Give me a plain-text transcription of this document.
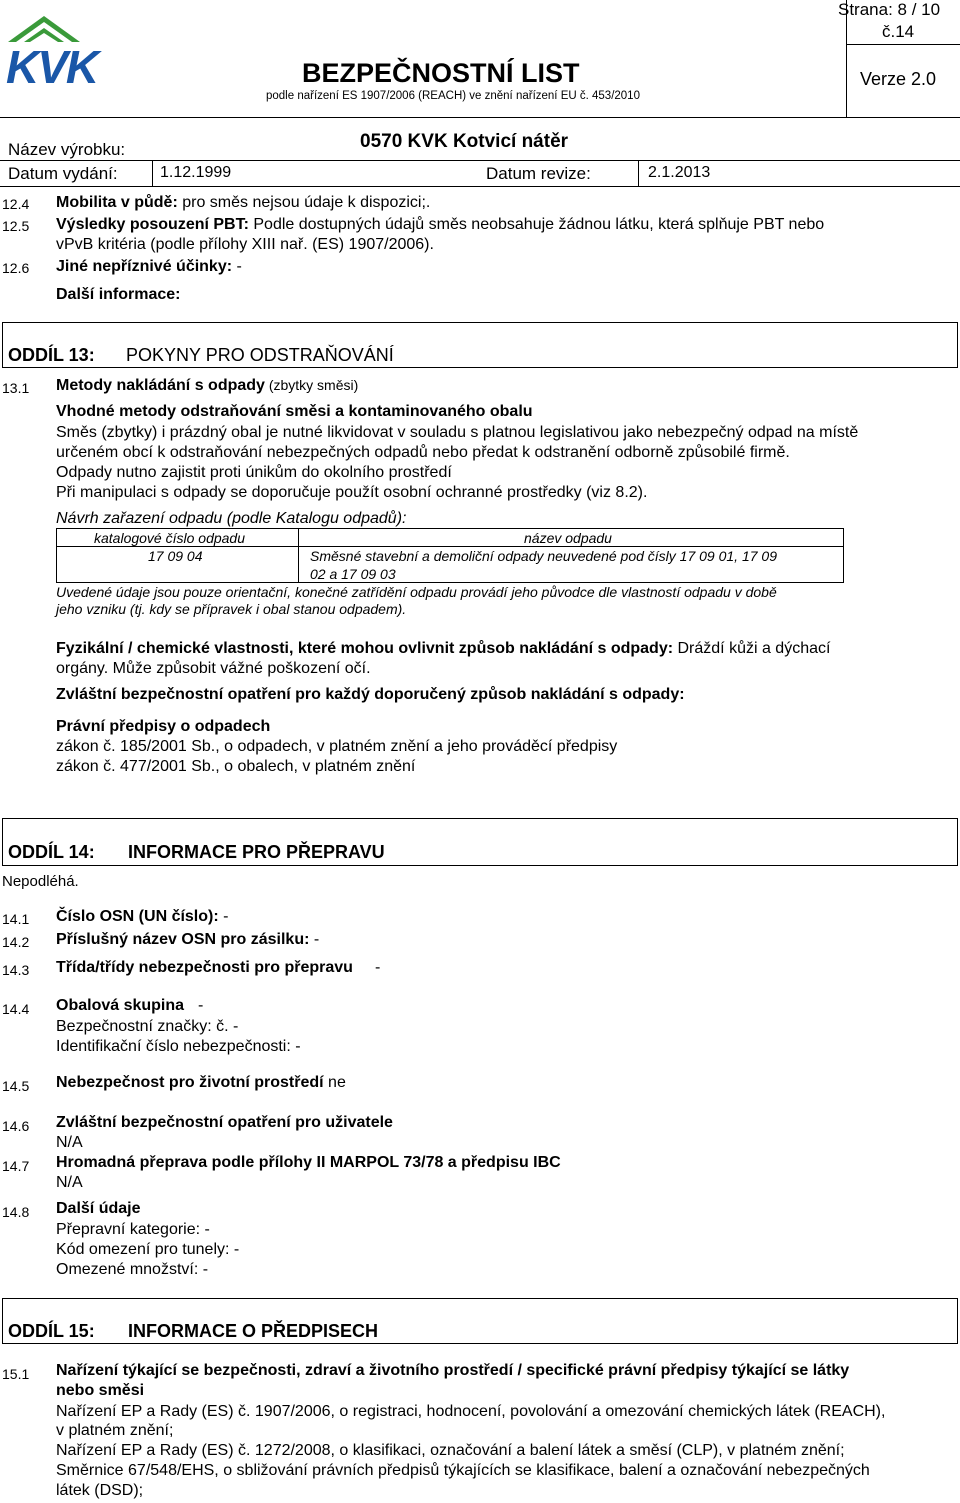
KVK
Strana: 8 / 10
č.14
BEZPEČNOSTNÍ LIST
podle nařízení ES 1907/2006 (REACH) ve znění nařízení EU č. 453/2010
Verze 2.0
Název výrobku:	0570 KVK Kotvicí nátěr
Datum vydání:	1.12.1999	Datum revize:	2.1.2013
12.4 Mobilita v půdě: pro směs nejsou údaje k dispozici;.
12.5 Výsledky posouzení PBT: Podle dostupných údajů směs neobsahuje žádnou látku, která splňuje PBT nebo
vPvB kritéria (podle přílohy XIII nař. (ES) 1907/2006).
12.6 Jiné nepříznivé účinky: -
Další informace:
ODDÍL 13: POKYNY PRO ODSTRAŇOVÁNÍ
13.1 Metody nakládání s odpady (zbytky směsi)
Vhodné metody odstraňování směsi a kontaminovaného obalu
Směs (zbytky) i prázdný obal je nutné likvidovat v souladu s platnou legislativou jako nebezpečný odpad na místě
určeném obcí k odstraňování nebezpečných odpadů nebo předat k odstranění odborně způsobilé firmě.
Odpady nutno zajistit proti únikům do okolního prostředí
Při manipulaci s odpady se doporučuje použít osobní ochranné prostředky (viz 8.2).
Návrh zařazení odpadu (podle Katalogu odpadů):
katalogové číslo odpadu	název odpadu
17 09 04	Směsné stavební a demoliční odpady neuvedené pod čísly 17 09 01, 17 09
02 a 17 09 03
Uvedené údaje jsou pouze orientační, konečné zatřídění odpadu provádí jeho původce dle vlastností odpadu v době
jeho vzniku (tj. kdy se přípravek i obal stanou odpadem).
Fyzikální / chemické vlastnosti, které mohou ovlivnit způsob nakládání s odpady: Dráždí kůži a dýchací
orgány. Může způsobit vážné poškození očí.
Zvláštní bezpečnostní opatření pro každý doporučený způsob nakládání s odpady:
Právní předpisy o odpadech
zákon č. 185/2001 Sb., o odpadech, v platném znění a jeho prováděcí předpisy
zákon č. 477/2001 Sb., o obalech, v platném znění
ODDÍL 14: INFORMACE PRO PŘEPRAVU
Nepodléhá.
14.1 Číslo OSN (UN číslo): -
14.2 Příslušný název OSN pro zásilku: -
14.3 Třída/třídy nebezpečnosti pro přepravu -
14.4 Obalová skupina -
Bezpečnostní značky: č. -
Identifikační číslo nebezpečnosti: -
14.5 Nebezpečnost pro životní prostředí ne
14.6 Zvláštní bezpečnostní opatření pro uživatele
N/A
14.7 Hromadná přeprava podle přílohy II MARPOL 73/78 a předpisu IBC
N/A
14.8 Další údaje
Přepravní kategorie: -
Kód omezení pro tunely: -
Omezené množství: -
ODDÍL 15: INFORMACE O PŘEDPISECH
15.1 Nařízení týkající se bezpečnosti, zdraví a životního prostředí / specifické právní předpisy týkající se látky
nebo směsi
Nařízení EP a Rady (ES) č. 1907/2006, o registraci, hodnocení, povolování a omezování chemických látek (REACH),
v platném znění;
Nařízení EP a Rady (ES) č. 1272/2008, o klasifikaci, označování a balení látek a směsí (CLP), v platném znění;
Směrnice 67/548/EHS, o sbližování právních předpisů týkajících se klasifikace, balení a označování nebezpečných
látek (DSD);
